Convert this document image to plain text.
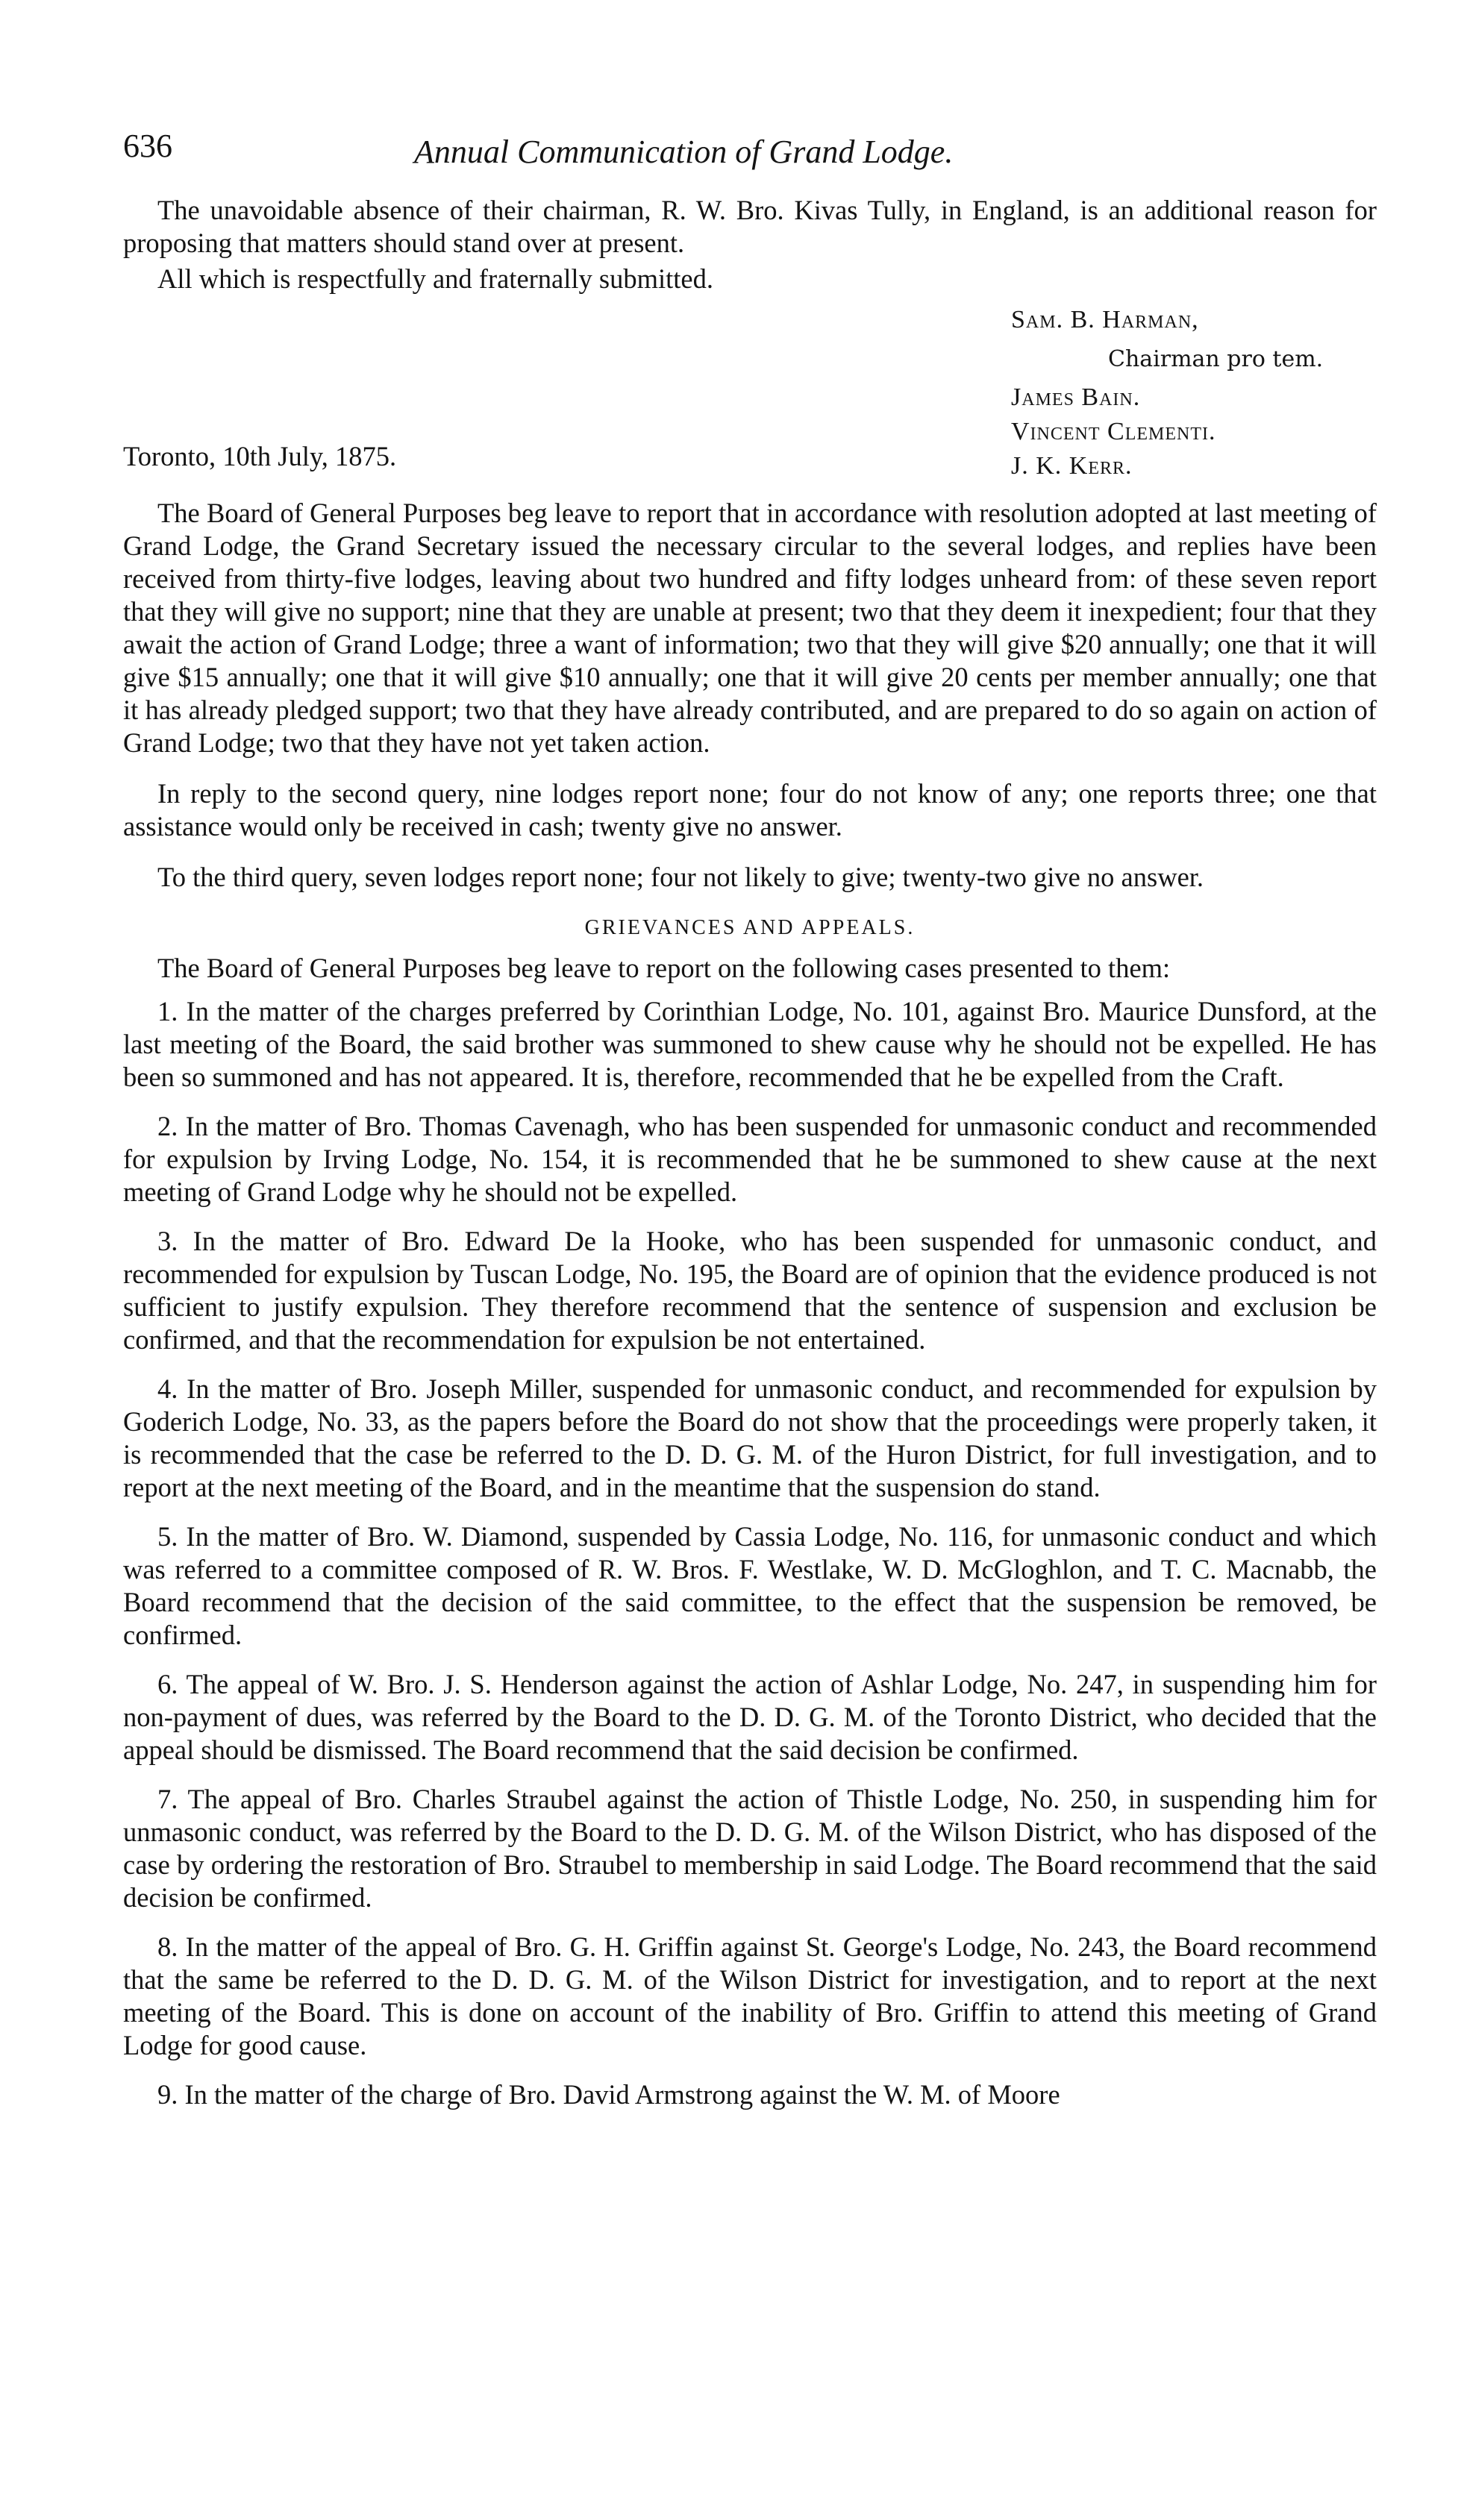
636	Annual Communication of Grand Lodge.

The unavoidable absence of their chairman, R. W. Bro. Kivas Tully, in England, is an additional reason for proposing that matters should stand over at present.

All which is respectfully and fraternally submitted.

Sam. B. Harman,
Chairman pro tem.
James Bain.
Vincent Clementi.
Toronto, 10th July, 1875.	J. K. Kerr.

The Board of General Purposes beg leave to report that in accordance with resolution adopted at last meeting of Grand Lodge, the Grand Secretary issued the necessary circular to the several lodges, and replies have been received from thirty-five lodges, leaving about two hundred and fifty lodges unheard from: of these seven report that they will give no support; nine that they are unable at present; two that they deem it inexpedient; four that they await the action of Grand Lodge; three a want of information; two that they will give $20 annually; one that it will give $15 annually; one that it will give $10 annually; one that it will give 20 cents per member annually; one that it has already pledged support; two that they have already contributed, and are prepared to do so again on action of Grand Lodge; two that they have not yet taken action.

In reply to the second query, nine lodges report none; four do not know of any; one reports three; one that assistance would only be received in cash; twenty give no answer.

To the third query, seven lodges report none; four not likely to give; twenty-two give no answer.

GRIEVANCES AND APPEALS.

The Board of General Purposes beg leave to report on the following cases presented to them:

1. In the matter of the charges preferred by Corinthian Lodge, No. 101, against Bro. Maurice Dunsford, at the last meeting of the Board, the said brother was summoned to shew cause why he should not be expelled. He has been so summoned and has not appeared. It is, therefore, recommended that he be expelled from the Craft.

2. In the matter of Bro. Thomas Cavenagh, who has been suspended for unmasonic conduct and recommended for expulsion by Irving Lodge, No. 154, it is recommended that he be summoned to shew cause at the next meeting of Grand Lodge why he should not be expelled.

3. In the matter of Bro. Edward De la Hooke, who has been suspended for unmasonic conduct, and recommended for expulsion by Tuscan Lodge, No. 195, the Board are of opinion that the evidence produced is not sufficient to justify expulsion. They therefore recommend that the sentence of suspension and exclusion be confirmed, and that the recommendation for expulsion be not entertained.

4. In the matter of Bro. Joseph Miller, suspended for unmasonic conduct, and recommended for expulsion by Goderich Lodge, No. 33, as the papers before the Board do not show that the proceedings were properly taken, it is recommended that the case be referred to the D. D. G. M. of the Huron District, for full investigation, and to report at the next meeting of the Board, and in the meantime that the suspension do stand.

5. In the matter of Bro. W. Diamond, suspended by Cassia Lodge, No. 116, for unmasonic conduct and which was referred to a committee composed of R. W. Bros. F. Westlake, W. D. McGloghlon, and T. C. Macnabb, the Board recommend that the decision of the said committee, to the effect that the suspension be removed, be confirmed.

6. The appeal of W. Bro. J. S. Henderson against the action of Ashlar Lodge, No. 247, in suspending him for non-payment of dues, was referred by the Board to the D. D. G. M. of the Toronto District, who decided that the appeal should be dismissed. The Board recommend that the said decision be confirmed.

7. The appeal of Bro. Charles Straubel against the action of Thistle Lodge, No. 250, in suspending him for unmasonic conduct, was referred by the Board to the D. D. G. M. of the Wilson District, who has disposed of the case by ordering the restoration of Bro. Straubel to membership in said Lodge. The Board recommend that the said decision be confirmed.

8. In the matter of the appeal of Bro. G. H. Griffin against St. George's Lodge, No. 243, the Board recommend that the same be referred to the D. D. G. M. of the Wilson District for investigation, and to report at the next meeting of the Board. This is done on account of the inability of Bro. Griffin to attend this meeting of Grand Lodge for good cause.

9. In the matter of the charge of Bro. David Armstrong against the W. M. of Moore
